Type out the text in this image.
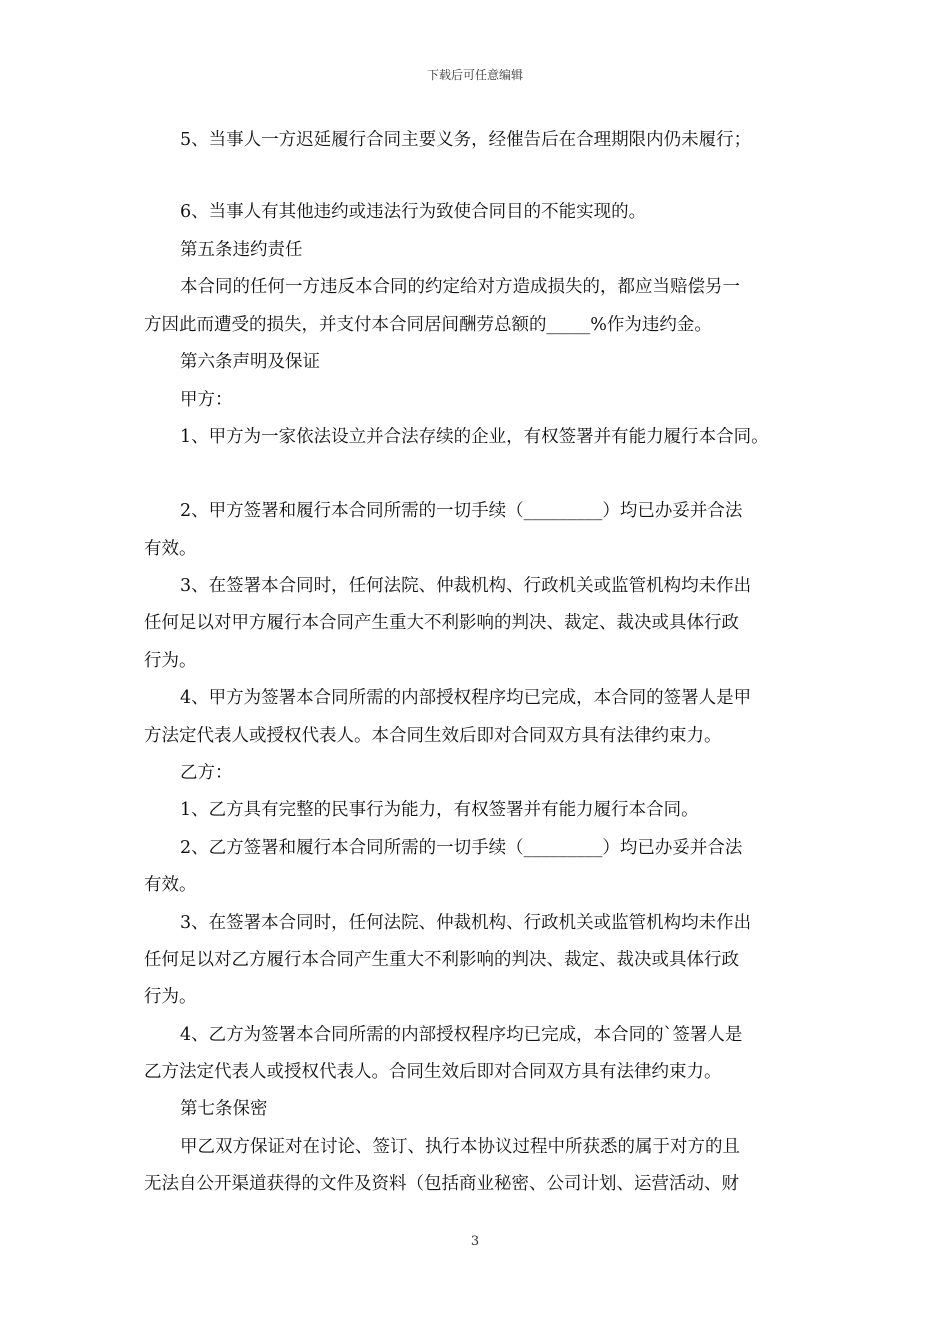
下载后可任意编辑
5、当事人一方迟延履行合同主要义务，经催告后在合理期限内仍未履行；
6、当事人有其他违约或违法行为致使合同目的不能实现的。
第五条违约责任
本合同的任何一方违反本合同的约定给对方造成损失的，都应当赔偿另一
方因此而遭受的损失，并支付本合同居间酬劳总额的_____%作为违约金。
第六条声明及保证
甲方：
1、甲方为一家依法设立并合法存续的企业，有权签署并有能力履行本合同。
2、甲方签署和履行本合同所需的一切手续（_________）均已办妥并合法
有效。
3、在签署本合同时，任何法院、仲裁机构、行政机关或监管机构均未作出
任何足以对甲方履行本合同产生重大不利影响的判决、裁定、裁决或具体行政
行为。
4、甲方为签署本合同所需的内部授权程序均已完成，本合同的签署人是甲
方法定代表人或授权代表人。本合同生效后即对合同双方具有法律约束力。
乙方：
1、乙方具有完整的民事行为能力，有权签署并有能力履行本合同。
2、乙方签署和履行本合同所需的一切手续（_________）均已办妥并合法
有效。
3、在签署本合同时，任何法院、仲裁机构、行政机关或监管机构均未作出
任何足以对乙方履行本合同产生重大不利影响的判决、裁定、裁决或具体行政
行为。
4、乙方为签署本合同所需的内部授权程序均已完成，本合同的`签署人是
乙方法定代表人或授权代表人。合同生效后即对合同双方具有法律约束力。
第七条保密
甲乙双方保证对在讨论、签订、执行本协议过程中所获悉的属于对方的且
无法自公开渠道获得的文件及资料（包括商业秘密、公司计划、运营活动、财
3
